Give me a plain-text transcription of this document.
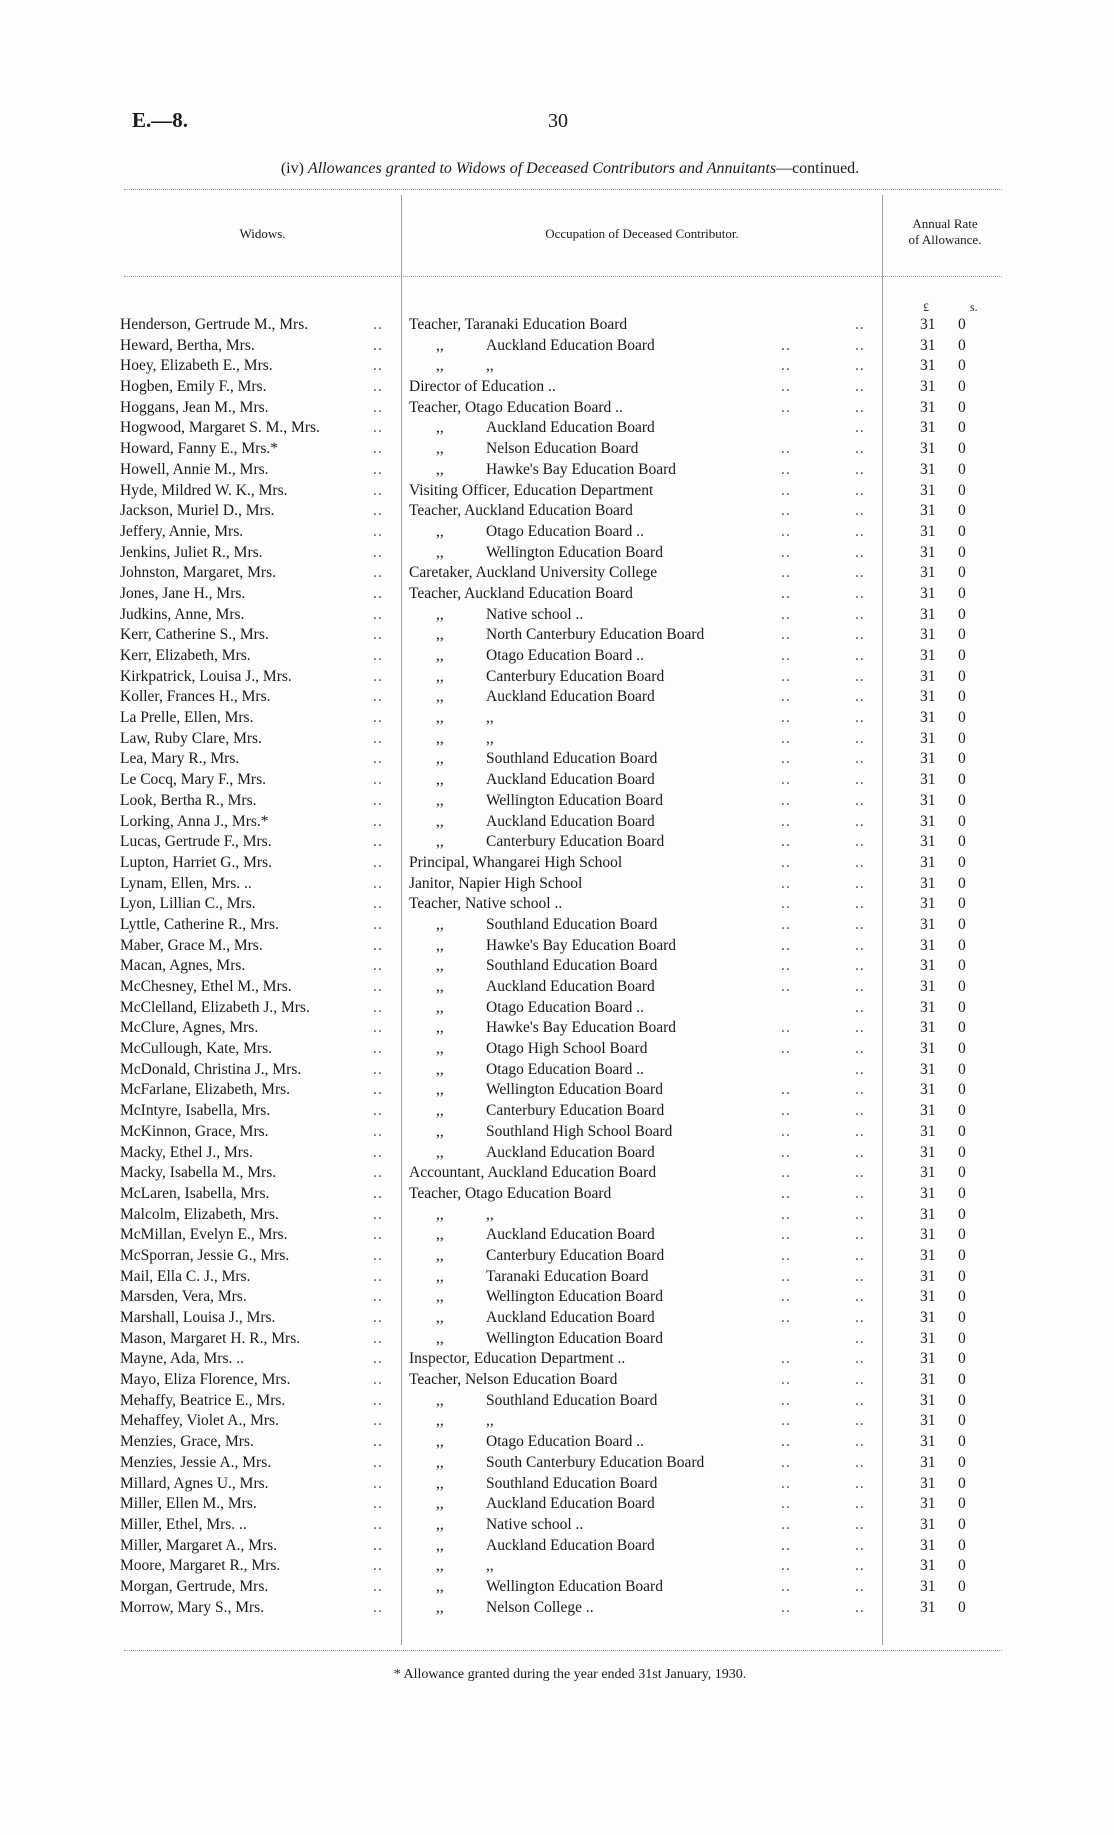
E.—8.	30
(iv) Allowances granted to Widows of Deceased Contributors and Annuitants—continued.
Widows.	Occupation of Deceased Contributor.
Annual Rate
of Allowance.
£	s.
Henderson, Gertrude M., Mrs.	.. Teacher, Taranaki Education Board	..	31 0
Heward, Bertha, Mrs.	..	,,	Auckland Education Board	..	..	31 0
Hoey, Elizabeth E., Mrs.	..	,,	,,	..	..	31 0
Hogben, Emily F., Mrs.	.. Director of Education ..	..	..	31 0
Hoggans, Jean M., Mrs.	.. Teacher, Otago Education Board ..	..	..	31 0
Hogwood, Margaret S. M., Mrs.	..	,,	Auckland Education Board	..	31 0
Howard, Fanny E., Mrs.*	..	,,	Nelson Education Board	..	..	31 0
Howell, Annie M., Mrs.	..	,,	Hawke's Bay Education Board	..	..	31 0
Hyde, Mildred W. K., Mrs.	.. Visiting Officer, Education Department	..	..	31 0
Jackson, Muriel D., Mrs.	.. Teacher, Auckland Education Board	..	..	31 0
Jeffery, Annie, Mrs.	..	,,	Otago Education Board ..	..	..	31 0
Jenkins, Juliet R., Mrs.	..	,,	Wellington Education Board	..	..	31 0
Johnston, Margaret, Mrs.	.. Caretaker, Auckland University College	..	..	31 0
Jones, Jane H., Mrs.	.. Teacher, Auckland Education Board	..	..	31 0
Judkins, Anne, Mrs.	..	,,	Native school ..	..	..	31 0
Kerr, Catherine S., Mrs.	..	,,	North Canterbury Education Board	..	..	31 0
Kerr, Elizabeth, Mrs.	..	,,	Otago Education Board ..	..	..	31 0
Kirkpatrick, Louisa J., Mrs.	..	,,	Canterbury Education Board	..	..	31 0
Koller, Frances H., Mrs.	..	,,	Auckland Education Board	..	..	31 0
La Prelle, Ellen, Mrs.	..	,,	,,	..	..	31 0
Law, Ruby Clare, Mrs.	..	,,	,,	..	..	31 0
Lea, Mary R., Mrs.	..	,,	Southland Education Board	..	..	31 0
Le Cocq, Mary F., Mrs.	..	,,	Auckland Education Board	..	..	31 0
Look, Bertha R., Mrs.	..	,,	Wellington Education Board	..	..	31 0
Lorking, Anna J., Mrs.*	..	,,	Auckland Education Board	..	..	31 0
Lucas, Gertrude F., Mrs.	..	,,	Canterbury Education Board	..	..	31 0
Lupton, Harriet G., Mrs.	.. Principal, Whangarei High School	..	..	31 0
Lynam, Ellen, Mrs. ..	.. Janitor, Napier High School	..	..	31 0
Lyon, Lillian C., Mrs.	.. Teacher, Native school ..	..	..	31 0
Lyttle, Catherine R., Mrs.	..	,,	Southland Education Board	..	..	31 0
Maber, Grace M., Mrs.	..	,,	Hawke's Bay Education Board	..	..	31 0
Macan, Agnes, Mrs.	..	,,	Southland Education Board	..	..	31 0
McChesney, Ethel M., Mrs.	..	,,	Auckland Education Board	..	..	31 0
McClelland, Elizabeth J., Mrs.	..	,,	Otago Education Board ..	..	31 0
McClure, Agnes, Mrs.	..	,,	Hawke's Bay Education Board	..	..	31 0
McCullough, Kate, Mrs.	..	,,	Otago High School Board	..	..	31 0
McDonald, Christina J., Mrs.	..	,,	Otago Education Board ..	..	31 0
McFarlane, Elizabeth, Mrs.	..	,,	Wellington Education Board	..	..	31 0
McIntyre, Isabella, Mrs.	..	,,	Canterbury Education Board	..	..	31 0
McKinnon, Grace, Mrs.	..	,,	Southland High School Board	..	..	31 0
Macky, Ethel J., Mrs.	..	,,	Auckland Education Board	..	..	31 0
Macky, Isabella M., Mrs.	.. Accountant, Auckland Education Board	..	..	31 0
McLaren, Isabella, Mrs.	.. Teacher, Otago Education Board	..	..	31 0
Malcolm, Elizabeth, Mrs.	..	,,	,,	..	..	31 0
McMillan, Evelyn E., Mrs.	..	,,	Auckland Education Board	..	..	31 0
McSporran, Jessie G., Mrs.	..	,,	Canterbury Education Board	..	..	31 0
Mail, Ella C. J., Mrs.	..	,,	Taranaki Education Board	..	..	31 0
Marsden, Vera, Mrs.	..	,,	Wellington Education Board	..	..	31 0
Marshall, Louisa J., Mrs.	..	,,	Auckland Education Board	..	..	31 0
Mason, Margaret H. R., Mrs.	..	,,	Wellington Education Board	..	31 0
Mayne, Ada, Mrs. ..	.. Inspector, Education Department ..	..	..	31 0
Mayo, Eliza Florence, Mrs.	.. Teacher, Nelson Education Board	..	..	31 0
Mehaffy, Beatrice E., Mrs.	..	,,	Southland Education Board	..	..	31 0
Mehaffey, Violet A., Mrs.	..	,,	,,	..	..	31 0
Menzies, Grace, Mrs.	..	,,	Otago Education Board ..	..	..	31 0
Menzies, Jessie A., Mrs.	..	,,	South Canterbury Education Board	..	..	31 0
Millard, Agnes U., Mrs.	..	,,	Southland Education Board	..	..	31 0
Miller, Ellen M., Mrs.	..	,,	Auckland Education Board	..	..	31 0
Miller, Ethel, Mrs. ..	..	,,	Native school ..	..	..	31 0
Miller, Margaret A., Mrs.	..	,,	Auckland Education Board	..	..	31 0
Moore, Margaret R., Mrs.	..	,,	,,	..	..	31 0
Morgan, Gertrude, Mrs.	..	,,	Wellington Education Board	..	..	31 0
Morrow, Mary S., Mrs.	..	,,	Nelson College ..	..	..	31 0
* Allowance granted during the year ended 31st January, 1930.
